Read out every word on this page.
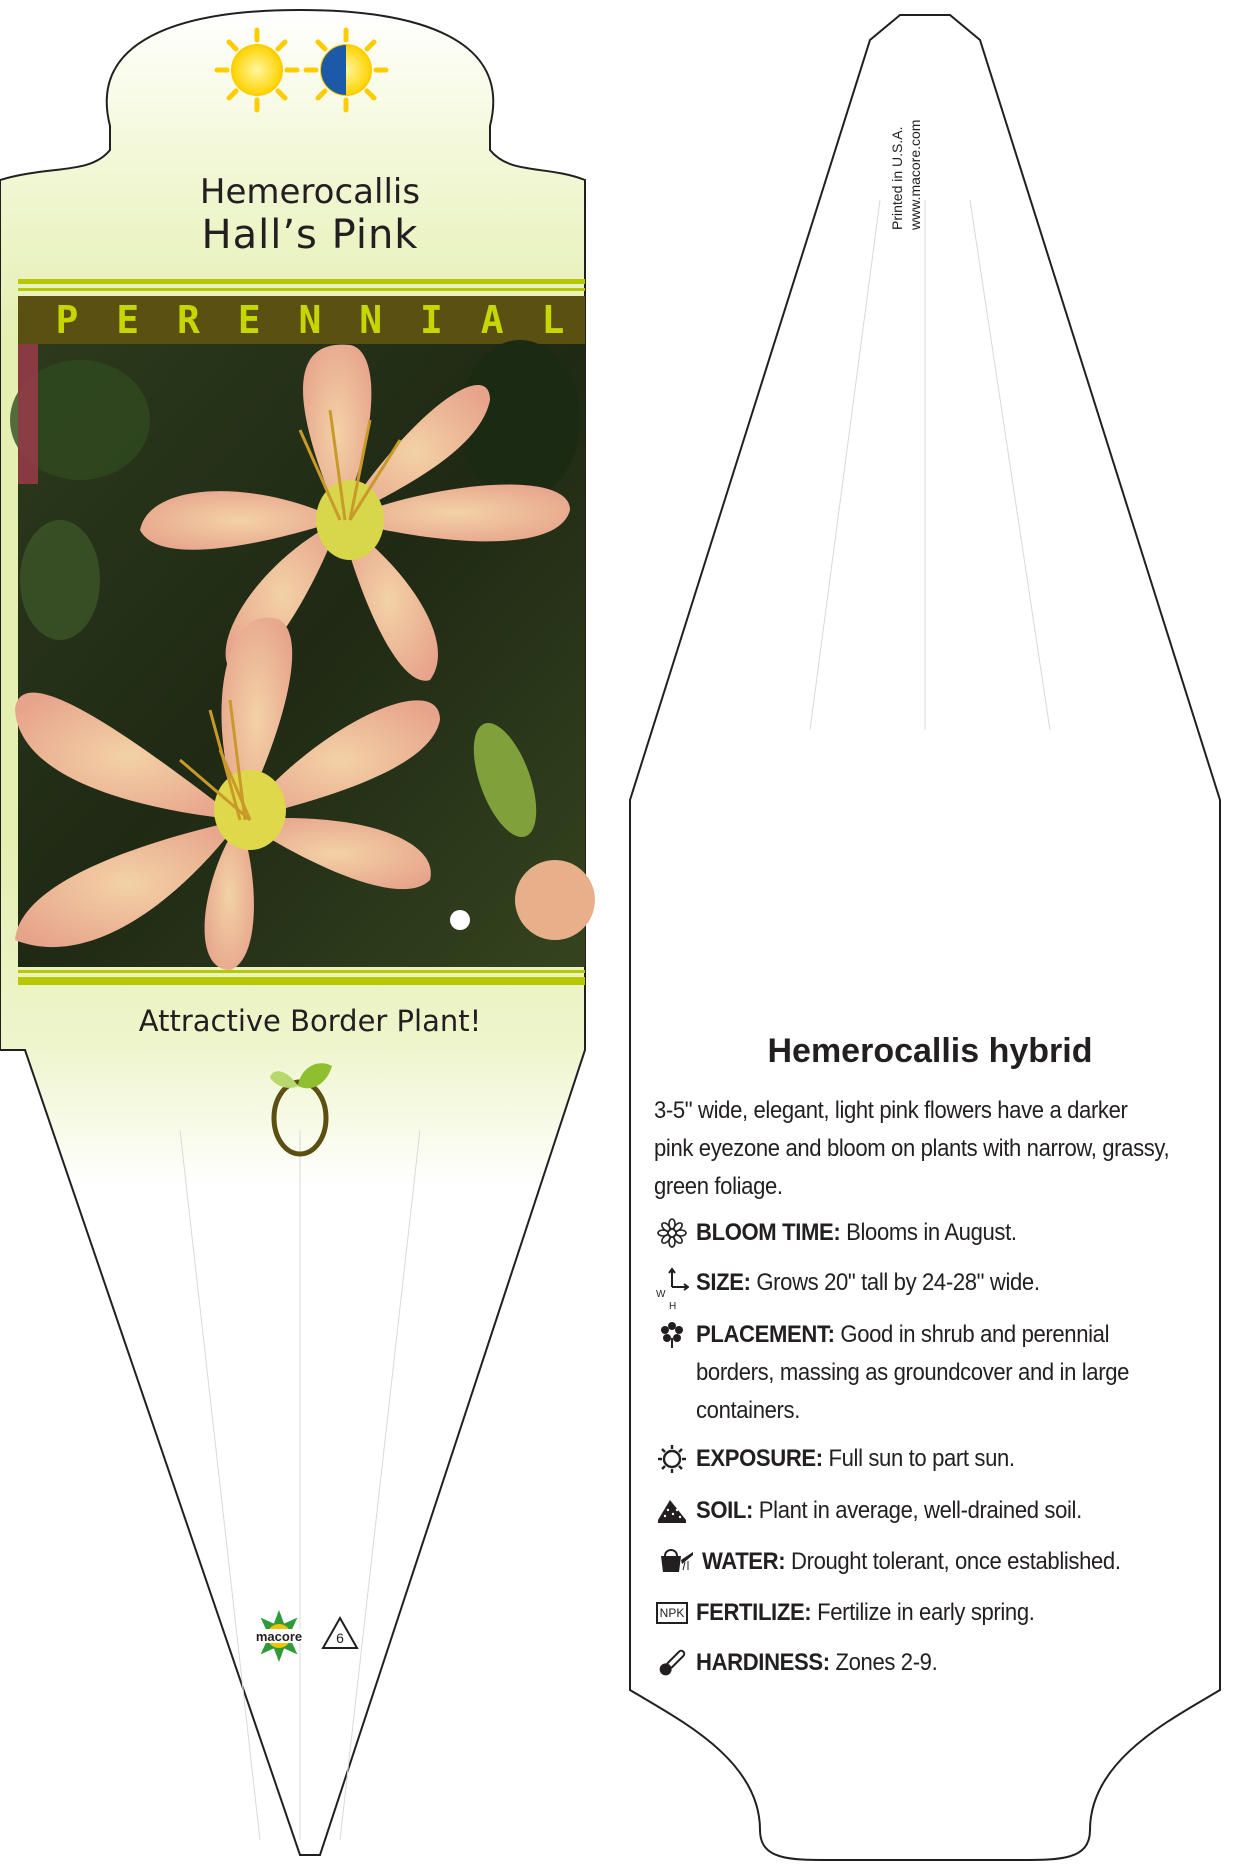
Hemerocallis
Hall’s Pink
P E R E N N I A L
Attractive Border Plant!
macore	6
Printed in U.S.A. www.macore.com
Hemerocallis hybrid
3-5" wide, elegant, light pink flowers have a darker pink eyezone and bloom on plants with narrow, grassy, green foliage.
BLOOM TIME: Blooms in August.
W
H
SIZE: Grows 20" tall by 24-28" wide.
PLACEMENT: Good in shrub and perennial borders, massing as groundcover and in large containers.
EXPOSURE: Full sun to part sun.
SOIL: Plant in average, well-drained soil.
WATER: Drought tolerant, once established.
NPK FERTILIZE: Fertilize in early spring.
HARDINESS: Zones 2-9.
